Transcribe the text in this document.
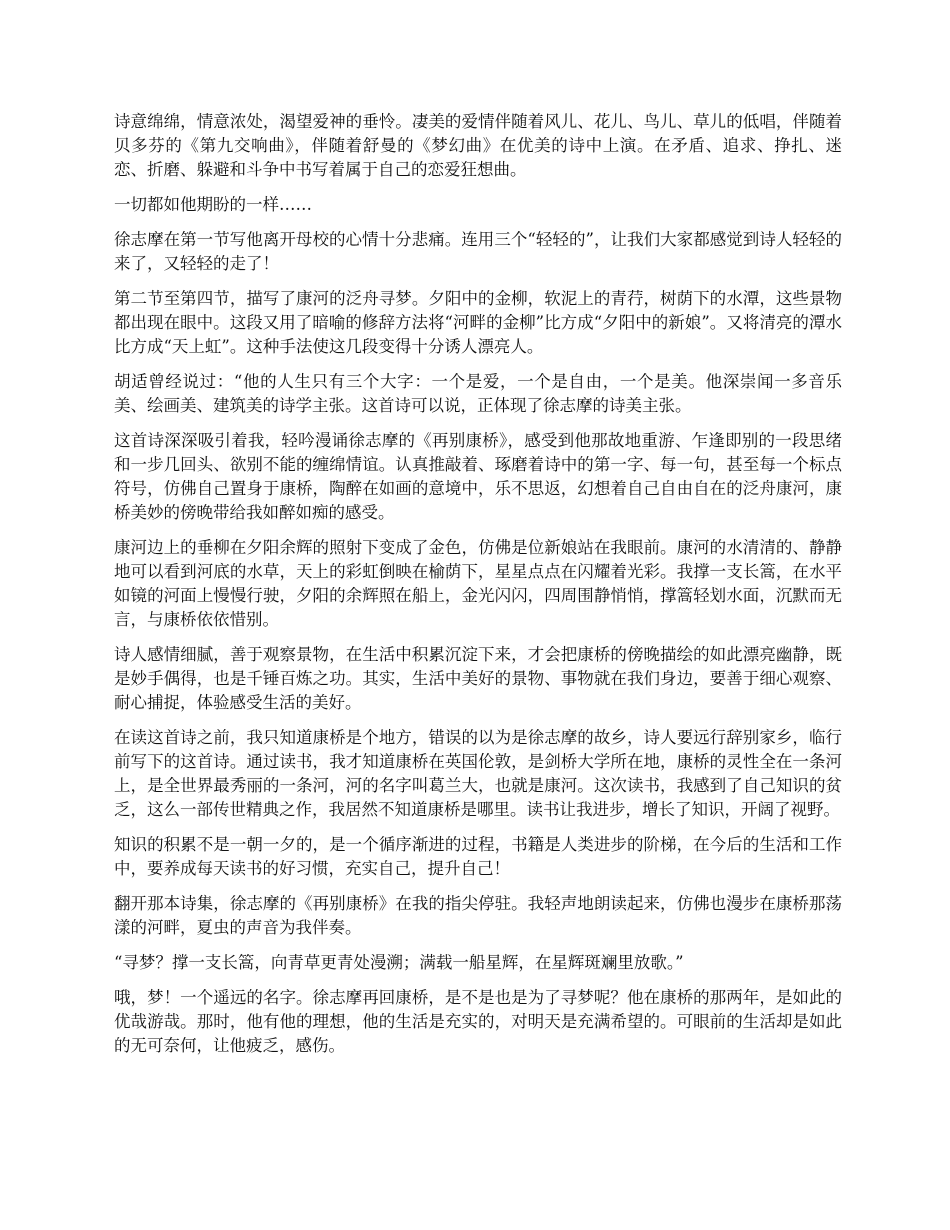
诗意绵绵，情意浓处，渴望爱神的垂怜。凄美的爱情伴随着风儿、花儿、鸟儿、草儿的低唱，伴随着贝多芬的《第九交响曲》，伴随着舒曼的《梦幻曲》在优美的诗中上演。在矛盾、追求、挣扎、迷恋、折磨、躲避和斗争中书写着属于自己的恋爱狂想曲。

一切都如他期盼的一样……

徐志摩在第一节写他离开母校的心情十分悲痛。连用三个“轻轻的”，让我们大家都感觉到诗人轻轻的来了，又轻轻的走了！

第二节至第四节，描写了康河的泛舟寻梦。夕阳中的金柳，软泥上的青荇，树荫下的水潭，这些景物都出现在眼中。这段又用了暗喻的修辞方法将“河畔的金柳”比方成“夕阳中的新娘”。又将清亮的潭水比方成“天上虹”。这种手法使这几段变得十分诱人漂亮人。

胡适曾经说过：“他的人生只有三个大字：一个是爱，一个是自由，一个是美。他深崇闻一多音乐美、绘画美、建筑美的诗学主张。这首诗可以说，正体现了徐志摩的诗美主张。

这首诗深深吸引着我，轻吟漫诵徐志摩的《再别康桥》，感受到他那故地重游、乍逢即别的一段思绪和一步几回头、欲别不能的缠绵情谊。认真推敲着、琢磨着诗中的第一字、每一句，甚至每一个标点符号，仿佛自己置身于康桥，陶醉在如画的意境中，乐不思返，幻想着自己自由自在的泛舟康河，康桥美妙的傍晚带给我如醉如痴的感受。

康河边上的垂柳在夕阳余辉的照射下变成了金色，仿佛是位新娘站在我眼前。康河的水清清的、静静地可以看到河底的水草，天上的彩虹倒映在榆荫下，星星点点在闪耀着光彩。我撑一支长篙，在水平如镜的河面上慢慢行驶，夕阳的余辉照在船上，金光闪闪，四周围静悄悄，撑篙轻划水面，沉默而无言，与康桥依依惜别。

诗人感情细腻，善于观察景物，在生活中积累沉淀下来，才会把康桥的傍晚描绘的如此漂亮幽静，既是妙手偶得，也是千锤百炼之功。其实，生活中美好的景物、事物就在我们身边，要善于细心观察、耐心捕捉，体验感受生活的美好。

在读这首诗之前，我只知道康桥是个地方，错误的以为是徐志摩的故乡，诗人要远行辞别家乡，临行前写下的这首诗。通过读书，我才知道康桥在英国伦敦，是剑桥大学所在地，康桥的灵性全在一条河上，是全世界最秀丽的一条河，河的名字叫葛兰大，也就是康河。这次读书，我感到了自己知识的贫乏，这么一部传世精典之作，我居然不知道康桥是哪里。读书让我进步，增长了知识，开阔了视野。

知识的积累不是一朝一夕的，是一个循序渐进的过程，书籍是人类进步的阶梯，在今后的生活和工作中，要养成每天读书的好习惯，充实自己，提升自己！

翻开那本诗集，徐志摩的《再别康桥》在我的指尖停驻。我轻声地朗读起来，仿佛也漫步在康桥那荡漾的河畔，夏虫的声音为我伴奏。

“寻梦？撑一支长篙，向青草更青处漫溯；满载一船星辉，在星辉斑斓里放歌。”

哦，梦！一个遥远的名字。徐志摩再回康桥，是不是也是为了寻梦呢？他在康桥的那两年，是如此的优哉游哉。那时，他有他的理想，他的生活是充实的，对明天是充满希望的。可眼前的生活却是如此的无可奈何，让他疲乏，感伤。
